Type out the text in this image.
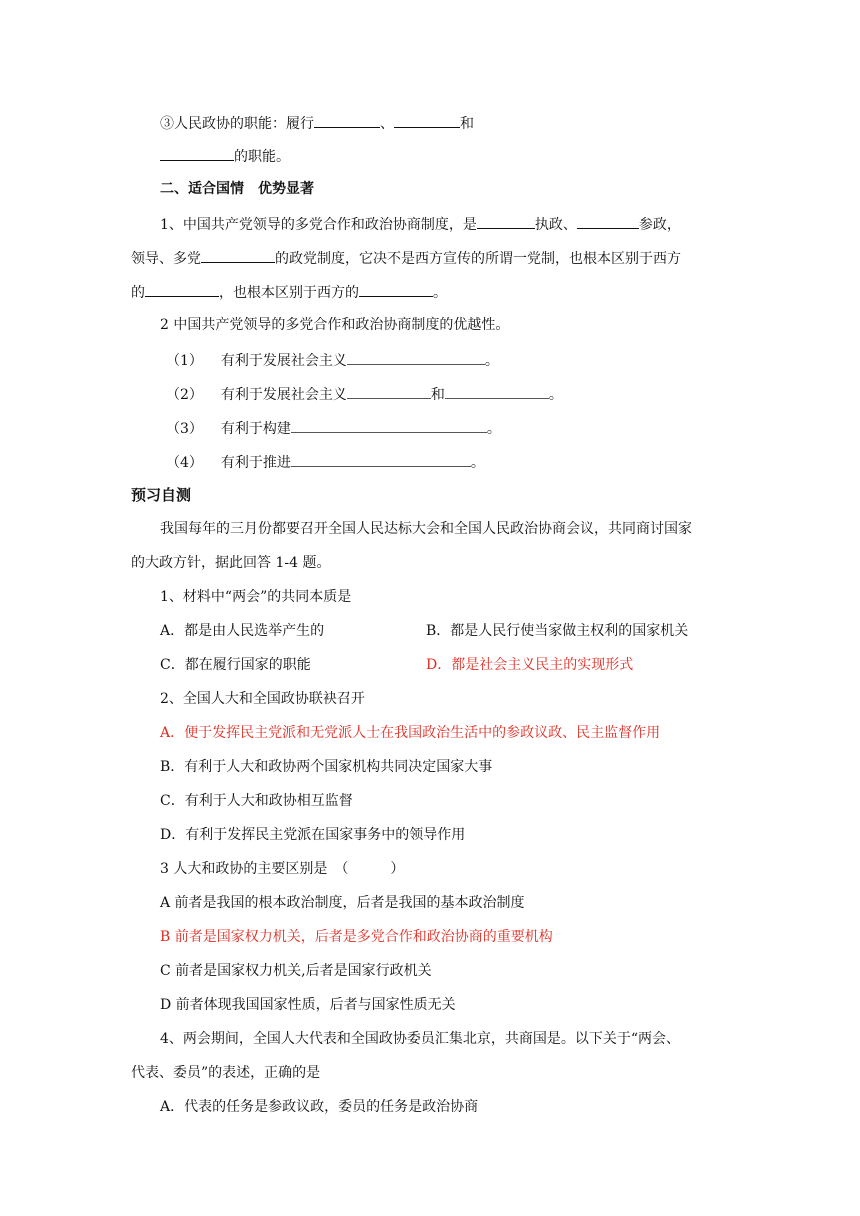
③人民政协的职能：履行	、	和
的职能。
二、适合国情　优势显著
1、中国共产党领导的多党合作和政治协商制度，是	执政、	参政，
领导、多党	的政党制度，它决不是西方宣传的所谓一党制，也根本区别于西方
的	，也根本区别于西方的	。
2 中国共产党领导的多党合作和政治协商制度的优越性。
（1） 有利于发展社会主义	。
（2） 有利于发展社会主义	和	。
（3） 有利于构建	。
（4） 有利于推进	。
预习自测
我国每年的三月份都要召开全国人民达标大会和全国人民政治协商会议，共同商讨国家
的大政方针，据此回答 1-4 题。
1、材料中“两会”的共同本质是
A．都是由人民选举产生的	B．都是人民行使当家做主权利的国家机关
C．都在履行国家的职能	D．都是社会主义民主的实现形式
2、全国人大和全国政协联袂召开
A．便于发挥民主党派和无党派人士在我国政治生活中的参政议政、民主监督作用
B．有利于人大和政协两个国家机构共同决定国家大事
C．有利于人大和政协相互监督
D．有利于发挥民主党派在国家事务中的领导作用
3 人大和政协的主要区别是　（　　　）
A 前者是我国的根本政治制度，后者是我国的基本政治制度
B 前者是国家权力机关，后者是多党合作和政治协商的重要机构
C 前者是国家权力机关,后者是国家行政机关
D 前者体现我国国家性质，后者与国家性质无关
4、两会期间，全国人大代表和全国政协委员汇集北京，共商国是。以下关于“两会、
代表、委员”的表述，正确的是
A．代表的任务是参政议政，委员的任务是政治协商
